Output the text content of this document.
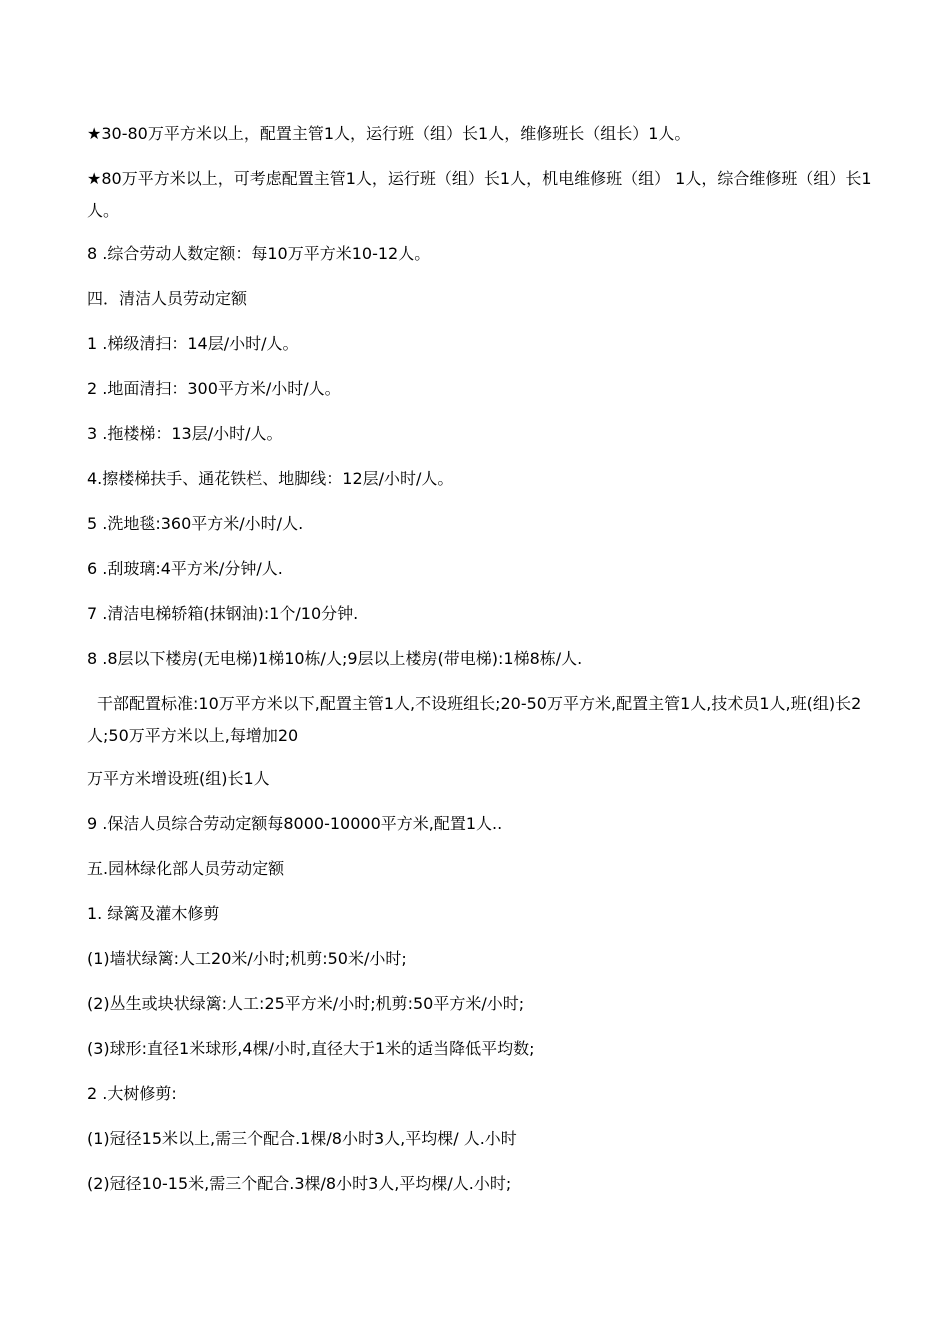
★30-80万平方米以上，配置主管1人，运行班（组）长1人，维修班长（组长）1人。

★80万平方米以上，可考虑配置主管1人，运行班（组）长1人，机电维修班（组） 1人，综合维修班（组）长1人。

8 .综合劳动人数定额：每10万平方米10-12人。

四．清洁人员劳动定额

1 .梯级清扫：14层/小时/人。

2 .地面清扫：300平方米/小时/人。

3 .拖楼梯：13层/小时/人。

4.擦楼梯扶手、通花铁栏、地脚线：12层/小时/人。

5 .洗地毯:360平方米/小时/人.

6 .刮玻璃:4平方米/分钟/人.

7 .清洁电梯轿箱(抹钢油):1个/10分钟.

8 .8层以下楼房(无电梯)1梯10栋/人;9层以上楼房(带电梯):1梯8栋/人.

干部配置标准:10万平方米以下,配置主管1人,不设班组长;20-50万平方米,配置主管1人,技术员1人,班(组)长2人;50万平方米以上,每增加20

万平方米增设班(组)长1人

9 .保洁人员综合劳动定额每8000-10000平方米,配置1人..

五.园林绿化部人员劳动定额

1. 绿篱及灌木修剪

(1)墙状绿篱:人工20米/小时;机剪:50米/小时;

(2)丛生或块状绿篱:人工:25平方米/小时;机剪:50平方米/小时;

(3)球形:直径1米球形,4棵/小时,直径大于1米的适当降低平均数;

2 .大树修剪:

(1)冠径15米以上,需三个配合.1棵/8小时3人,平均棵/ 人.小时

(2)冠径10-15米,需三个配合.3棵/8小时3人,平均棵/人.小时;
